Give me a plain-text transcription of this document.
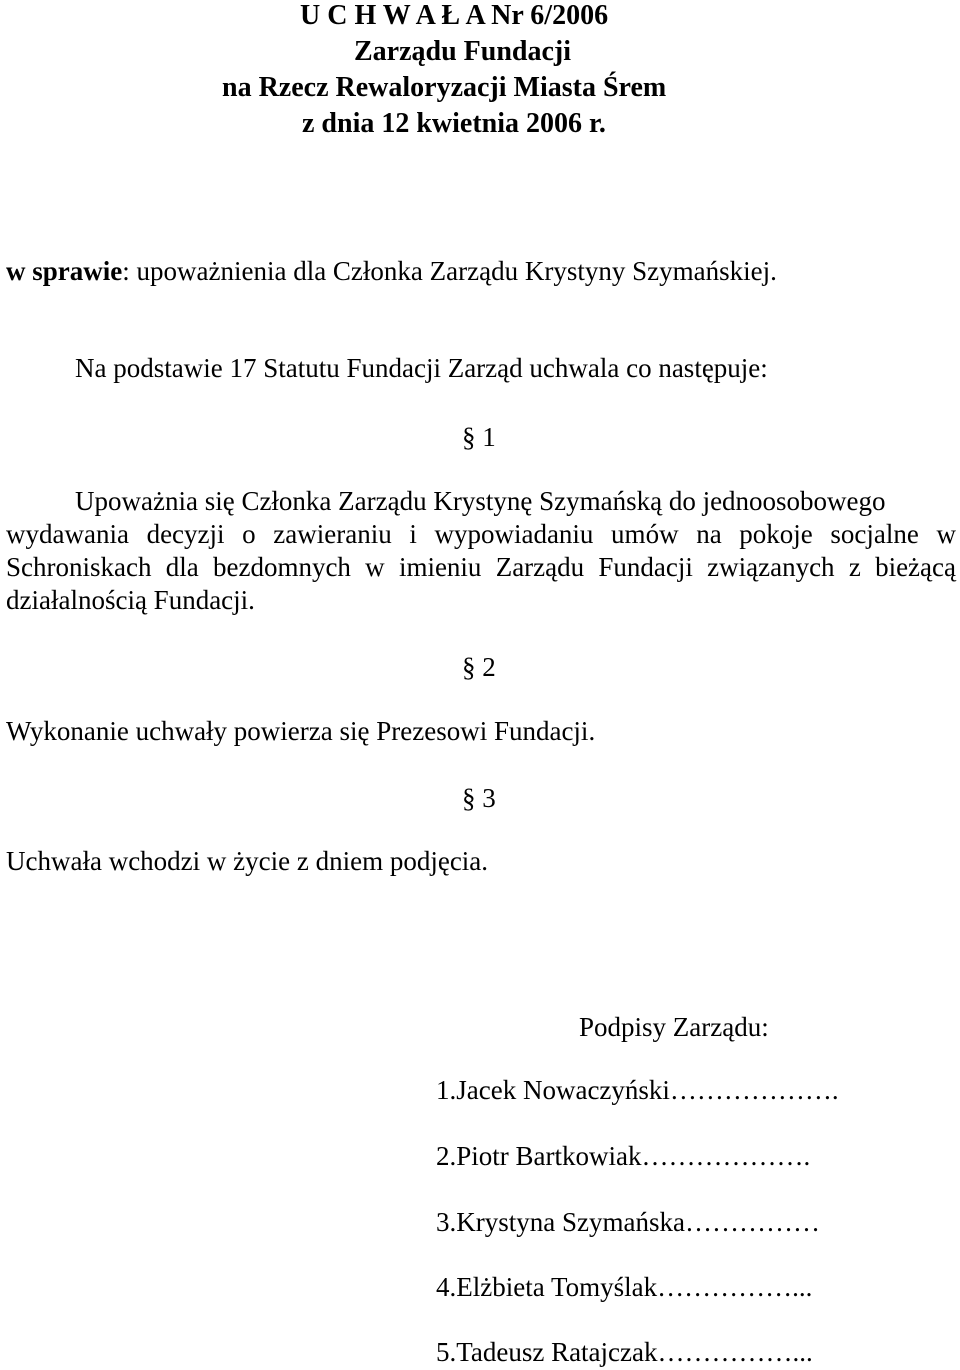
U C H W A Ł A Nr 6/2006
Zarządu Fundacji
na Rzecz Rewaloryzacji Miasta Śrem
z dnia 12 kwietnia 2006 r.
w sprawie: upoważnienia dla Członka Zarządu Krystyny Szymańskiej.
Na podstawie 17 Statutu Fundacji Zarząd uchwala co następuje:
§ 1
Upoważnia się Członka Zarządu Krystynę Szymańską do jednoosobowego
wydawania decyzji o zawieraniu i wypowiadaniu umów na pokoje socjalne w
Schroniskach dla bezdomnych w imieniu Zarządu Fundacji związanych z bieżącą
działalnością Fundacji.
§ 2
Wykonanie uchwały powierza się Prezesowi Fundacji.
§ 3
Uchwała wchodzi w życie z dniem podjęcia.
Podpisy Zarządu:
1.Jacek Nowaczyński……………….
2.Piotr Bartkowiak……………….
3.Krystyna Szymańska……………
4.Elżbieta Tomyślak……………...
5.Tadeusz Ratajczak……………...
